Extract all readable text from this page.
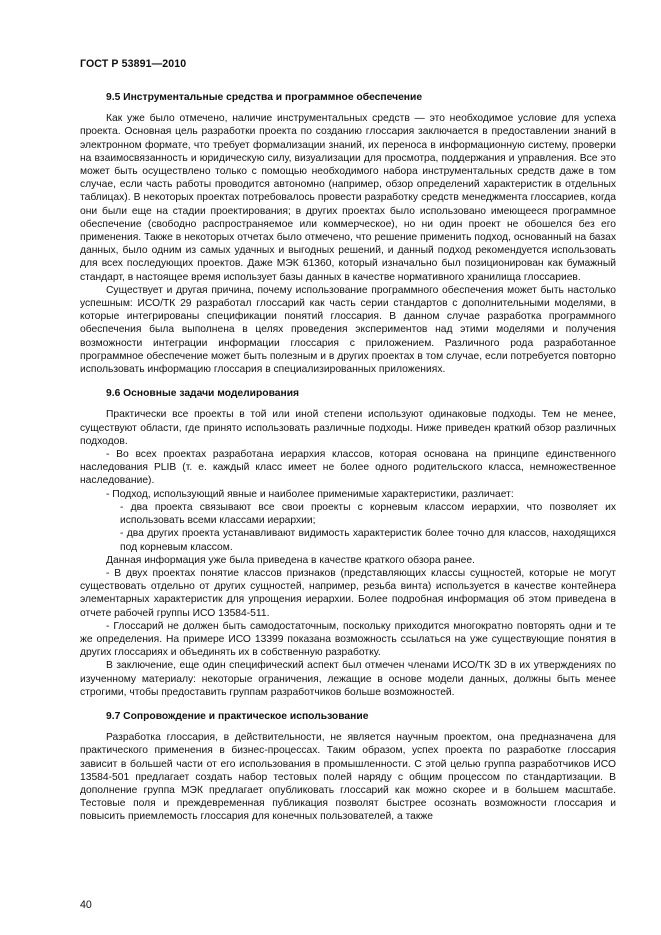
ГОСТ Р 53891—2010
9.5 Инструментальные средства и программное обеспечение

Как уже было отмечено, наличие инструментальных средств — это необходимое условие для успеха проекта. Основная цель разработки проекта по созданию глоссария заключается в предоставлении знаний в электронном формате, что требует формализации знаний, их переноса в информационную систему, проверки на взаимосвязанность и юридическую силу, визуализации для просмотра, поддержания и управления. Все это может быть осуществлено только с помощью необходимого набора инструментальных средств даже в том случае, если часть работы проводится автономно (например, обзор определений характеристик в отдельных таблицах). В некоторых проектах потребовалось провести разработку средств менеджмента глоссариев, когда они были еще на стадии проектирования; в других проектах было использовано имеющееся программное обеспечение (свободно распространяемое или коммерческое), но ни один проект не обошелся без его применения. Также в некоторых отчетах было отмечено, что решение применить подход, основанный на базах данных, было одним из самых удачных и выгодных решений, и данный подход рекомендуется использовать для всех последующих проектов. Даже МЭК 61360, который изначально был позиционирован как бумажный стандарт, в настоящее время использует базы данных в качестве нормативного хранилища глоссариев.

Существует и другая причина, почему использование программного обеспечения может быть настолько успешным: ИСО/ТК 29 разработал глоссарий как часть серии стандартов с дополнительными моделями, в которые интегрированы спецификации понятий глоссария. В данном случае разработка программного обеспечения была выполнена в целях проведения экспериментов над этими моделями и получения возможности интеграции информации глоссария с приложением. Различного рода разработанное программное обеспечение может быть полезным и в других проектах в том случае, если потребуется повторно использовать информацию глоссария в специализированных приложениях.

9.6 Основные задачи моделирования

Практически все проекты в той или иной степени используют одинаковые подходы. Тем не менее, существуют области, где принято использовать различные подходы. Ниже приведен краткий обзор различных подходов.

- Во всех проектах разработана иерархия классов, которая основана на принципе единственного наследования PLIB (т. е. каждый класс имеет не более одного родительского класса, немножественное наследование).

- Подход, использующий явные и наиболее применимые характеристики, различает:

- два проекта связывают все свои проекты с корневым классом иерархии, что позволяет их использовать всеми классами иерархии;

- два других проекта устанавливают видимость характеристик более точно для классов, находящихся под корневым классом.

Данная информация уже была приведена в качестве краткого обзора ранее.

- В двух проектах понятие классов признаков (представляющих классы сущностей, которые не могут существовать отдельно от других сущностей, например, резьба винта) используется в качестве контейнера элементарных характеристик для упрощения иерархии. Более подробная информация об этом приведена в отчете рабочей группы ИСО 13584-511.

- Глоссарий не должен быть самодостаточным, поскольку приходится многократно повторять одни и те же определения. На примере ИСО 13399 показана возможность ссылаться на уже существующие понятия в других глоссариях и объединять их в собственную разработку.

В заключение, еще один специфический аспект был отмечен членами ИСО/ТК 3D в их утверждениях по изученному материалу: некоторые ограничения, лежащие в основе модели данных, должны быть менее строгими, чтобы предоставить группам разработчиков больше возможностей.

9.7 Сопровождение и практическое использование

Разработка глоссария, в действительности, не является научным проектом, она предназначена для практического применения в бизнес-процессах. Таким образом, успех проекта по разработке глоссария зависит в большей части от его использования в промышленности. С этой целью группа разработчиков ИСО 13584-501 предлагает создать набор тестовых полей наряду с общим процессом по стандартизации. В дополнение группа МЭК предлагает опубликовать глоссарий как можно скорее и в большем масштабе. Тестовые поля и преждевременная публикация позволят быстрее осознать возможности глоссария и повысить приемлемость глоссария для конечных пользователей, а также

40
